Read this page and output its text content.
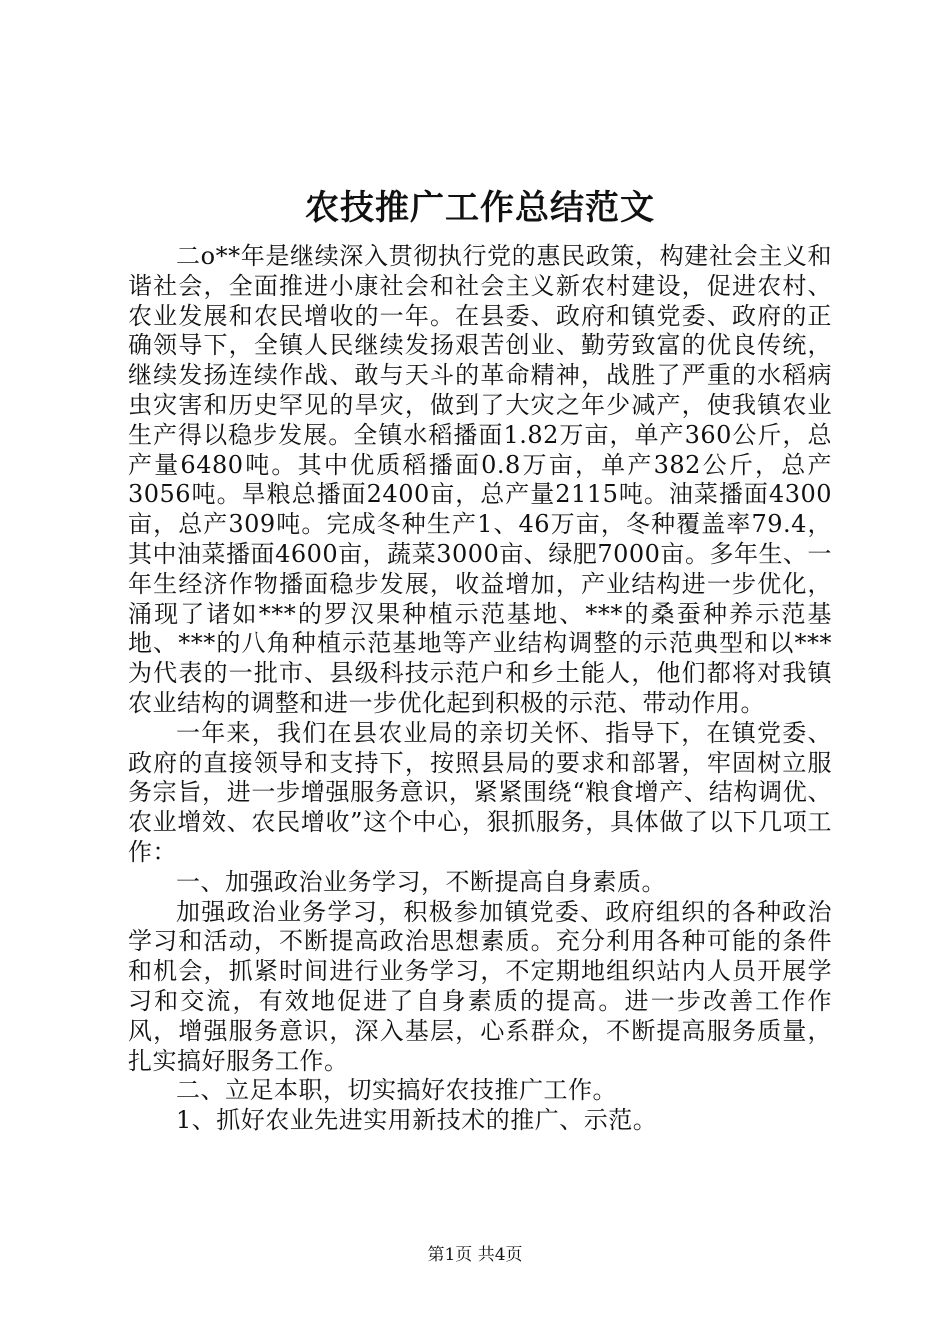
农技推广工作总结范文

二o**年是继续深入贯彻执行党的惠民政策，构建社会主义和谐社会，全面推进小康社会和社会主义新农村建设，促进农村、农业发展和农民增收的一年。在县委、政府和镇党委、政府的正确领导下，全镇人民继续发扬艰苦创业、勤劳致富的优良传统，继续发扬连续作战、敢与天斗的革命精神，战胜了严重的水稻病虫灾害和历史罕见的旱灾，做到了大灾之年少减产，使我镇农业生产得以稳步发展。全镇水稻播面1.82万亩，单产360公斤，总产量6480吨。其中优质稻播面0.8万亩，单产382公斤，总产3056吨。旱粮总播面2400亩，总产量2115吨。油菜播面4300亩，总产309吨。完成冬种生产1、46万亩，冬种覆盖率79.4，其中油菜播面4600亩，蔬菜3000亩、绿肥7000亩。多年生、一年生经济作物播面稳步发展，收益增加，产业结构进一步优化，涌现了诸如***的罗汉果种植示范基地、***的桑蚕种养示范基地、***的八角种植示范基地等产业结构调整的示范典型和以***为代表的一批市、县级科技示范户和乡土能人，他们都将对我镇农业结构的调整和进一步优化起到积极的示范、带动作用。

一年来，我们在县农业局的亲切关怀、指导下，在镇党委、政府的直接领导和支持下，按照县局的要求和部署，牢固树立服务宗旨，进一步增强服务意识，紧紧围绕“粮食增产、结构调优、农业增效、农民增收”这个中心，狠抓服务，具体做了以下几项工作：

一、加强政治业务学习，不断提高自身素质。

加强政治业务学习，积极参加镇党委、政府组织的各种政治学习和活动，不断提高政治思想素质。充分利用各种可能的条件和机会，抓紧时间进行业务学习，不定期地组织站内人员开展学习和交流，有效地促进了自身素质的提高。进一步改善工作作风，增强服务意识，深入基层，心系群众，不断提高服务质量，扎实搞好服务工作。

二、立足本职，切实搞好农技推广工作。

1、抓好农业先进实用新技术的推广、示范。

第1页 共4页
